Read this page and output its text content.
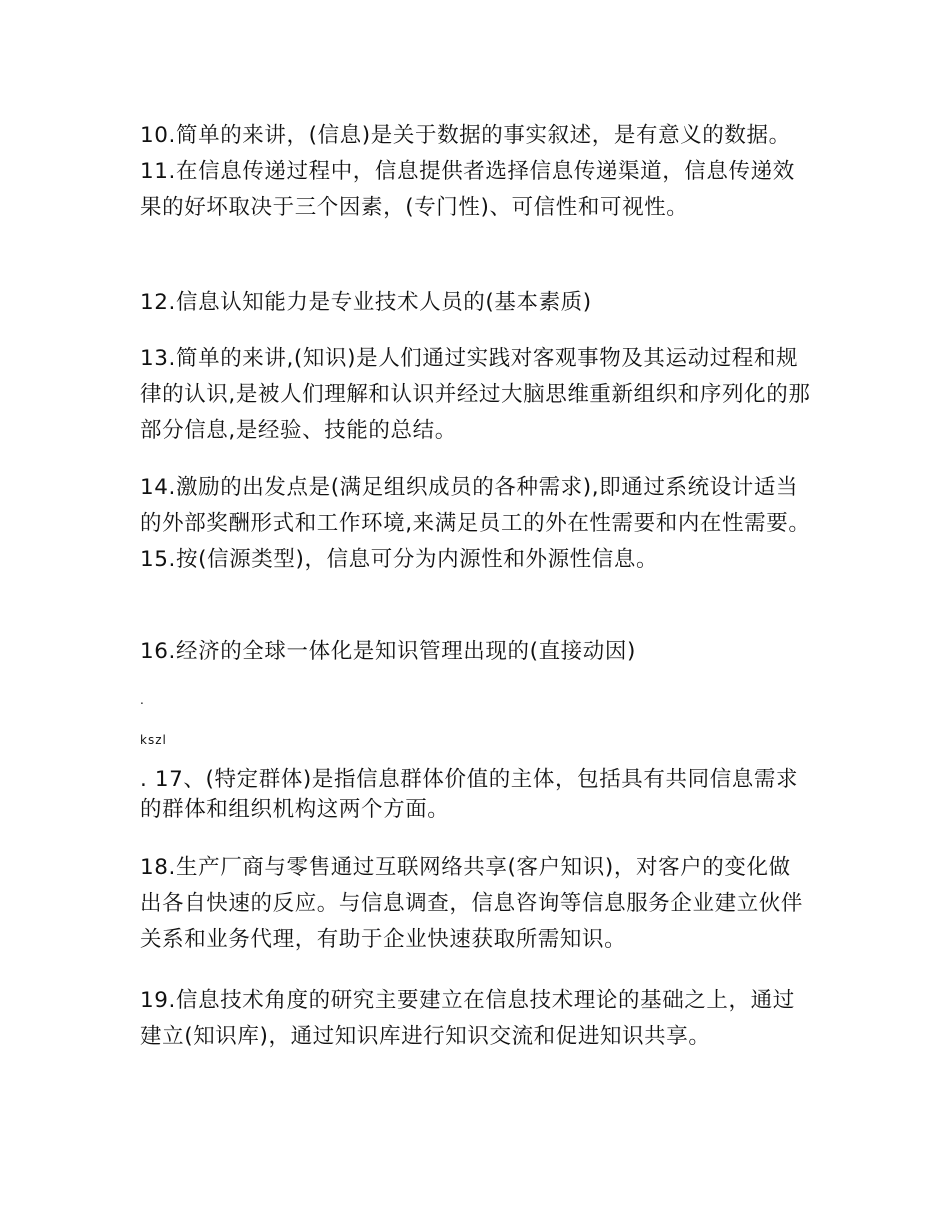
10.简单的来讲，(信息)是关于数据的事实叙述，是有意义的数据。 11.在信息传递过程中，信息提供者选择信息传递渠道，信息传递效果的好坏取决于三个因素，(专门性)、可信性和可视性。

12.信息认知能力是专业技术人员的(基本素质)

13.简单的来讲,(知识)是人们通过实践对客观事物及其运动过程和规律的认识,是被人们理解和认识并经过大脑思维重新组织和序列化的那部分信息,是经验、技能的总结。

14.激励的出发点是(满足组织成员的各种需求),即通过系统设计适当的外部奖酬形式和工作环境,来满足员工的外在性需要和内在性需要。 15.按(信源类型)，信息可分为内源性和外源性信息。

16.经济的全球一体化是知识管理出现的(直接动因)

.

kszl

. 17、(特定群体)是指信息群体价值的主体，包括具有共同信息需求的群体和组织机构这两个方面。

18.生产厂商与零售通过互联网络共享(客户知识)，对客户的变化做出各自快速的反应。与信息调查，信息咨询等信息服务企业建立伙伴关系和业务代理，有助于企业快速获取所需知识。

19.信息技术角度的研究主要建立在信息技术理论的基础之上，通过建立(知识库)，通过知识库进行知识交流和促进知识共享。
